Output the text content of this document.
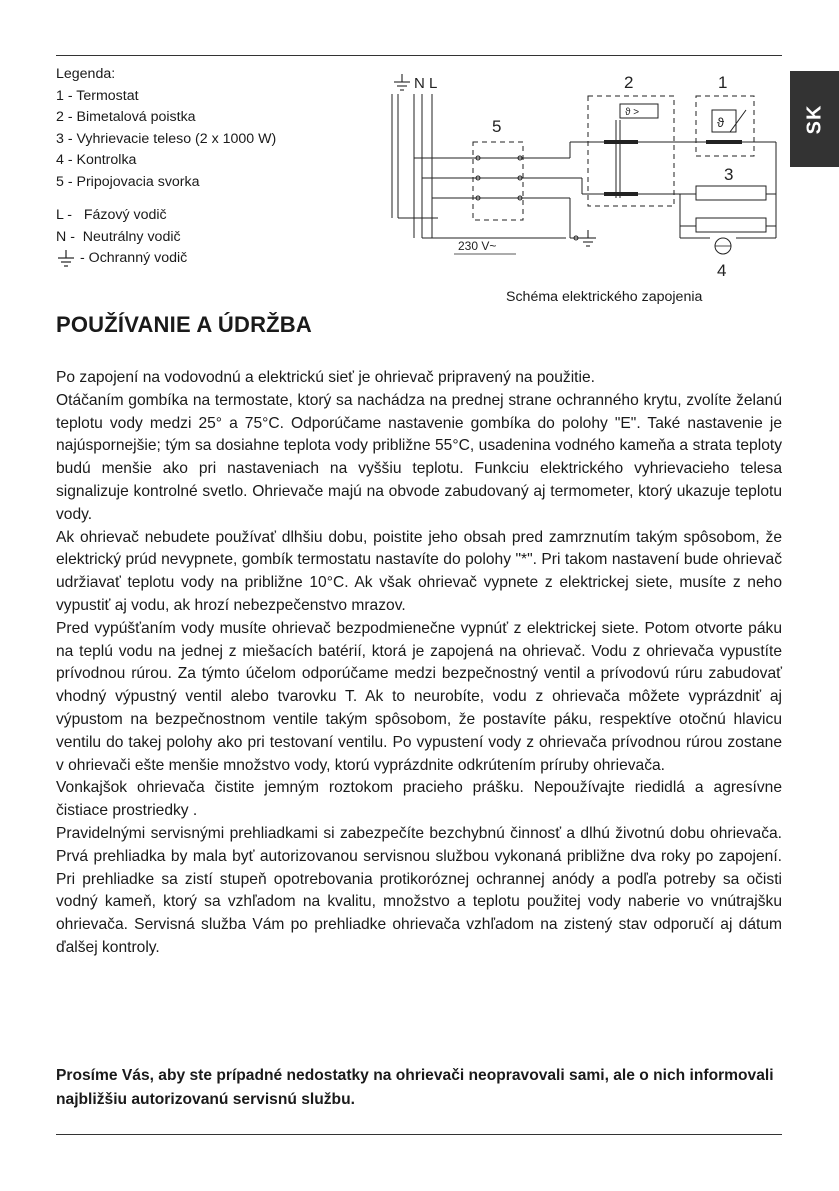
SK
Legenda:
1 - Termostat
2 - Bimetalová poistka
3 - Vyhrievacie teleso (2 x 1000 W)
4 - Kontrolka
5 - Pripojovacia svorka
L -   Fázový vodič
N -  Neutrálny vodič
- Ochranný vodič
N L
230 V~
5
2
ϑ >
1
ϑ
3
4
Schéma elektrického zapojenia
POUŽÍVANIE A ÚDRŽBA

Po zapojení na vodovodnú a elektrickú sieť je ohrievač pripravený na použitie.

Otáčaním gombíka na termostate, ktorý sa nachádza na prednej strane ochranného krytu, zvolíte želanú teplotu vody medzi 25° a 75°C. Odporúčame nastavenie gombíka do polohy "E". Také nastavenie je najúspornejšie; tým sa dosiahne teplota vody približne 55°C, usadenina vodného kameňa a strata teploty budú menšie ako pri nastaveniach na vyššiu teplotu. Funkciu elektrického vyhrievacieho telesa signalizuje kontrolné svetlo. Ohrievače majú na obvode zabudovaný aj termometer, ktorý ukazuje teplotu vody.

Ak ohrievač nebudete používať dlhšiu dobu, poistite jeho obsah pred zamrznutím takým spôsobom, že elektrický prúd nevypnete, gombík termostatu nastavíte do polohy "*". Pri takom nastavení bude ohrievač udržiavať teplotu vody na približne 10°C. Ak však ohrievač vypnete z elektrickej siete, musíte z neho vypustiť aj vodu, ak hrozí nebezpečenstvo mrazov.

Pred vypúšťaním vody musíte ohrievač bezpodmienečne vypnúť z elektrickej siete. Potom otvorte páku na teplú vodu na jednej z miešacích batérií, ktorá je zapojená na ohrievač. Vodu z ohrievača vypustíte prívodnou rúrou. Za týmto účelom odporúčame medzi bezpečnostný ventil a prívodovú rúru zabudovať vhodný výpustný ventil alebo tvarovku T. Ak to neurobíte, vodu z ohrievača môžete vyprázdniť aj výpustom na bezpečnostnom ventile takým spôsobom, že postavíte páku, respektíve otočnú hlavicu ventilu do takej polohy ako pri testovaní ventilu. Po vypustení vody z ohrievača prívodnou rúrou zostane v ohrievači ešte menšie množstvo vody, ktorú vyprázdnite odkrútením príruby ohrievača.

Vonkajšok ohrievača čistite jemným roztokom pracieho prášku. Nepoužívajte riedidlá a agresívne čistiace prostriedky .

Pravidelnými servisnými prehliadkami si zabezpečíte bezchybnú činnosť a dlhú životnú dobu ohrievača. Prvá prehliadka by mala byť autorizovanou servisnou službou vykonaná približne dva roky po zapojení. Pri prehliadke sa zistí stupeň opotrebovania protikoróznej ochrannej anódy a podľa potreby sa očisti vodný kameň, ktorý sa vzhľadom na kvalitu, množstvo a teplotu použitej vody naberie vo vnútrajšku ohrievača. Servisná služba Vám po prehliadke ohrievača vzhľadom na zistený stav odporučí aj dátum ďalšej kontroly.

Prosíme Vás, aby ste prípadné nedostatky na ohrievači neopravovali sami, ale o nich informovali najbližšiu autorizovanú servisnú službu.
